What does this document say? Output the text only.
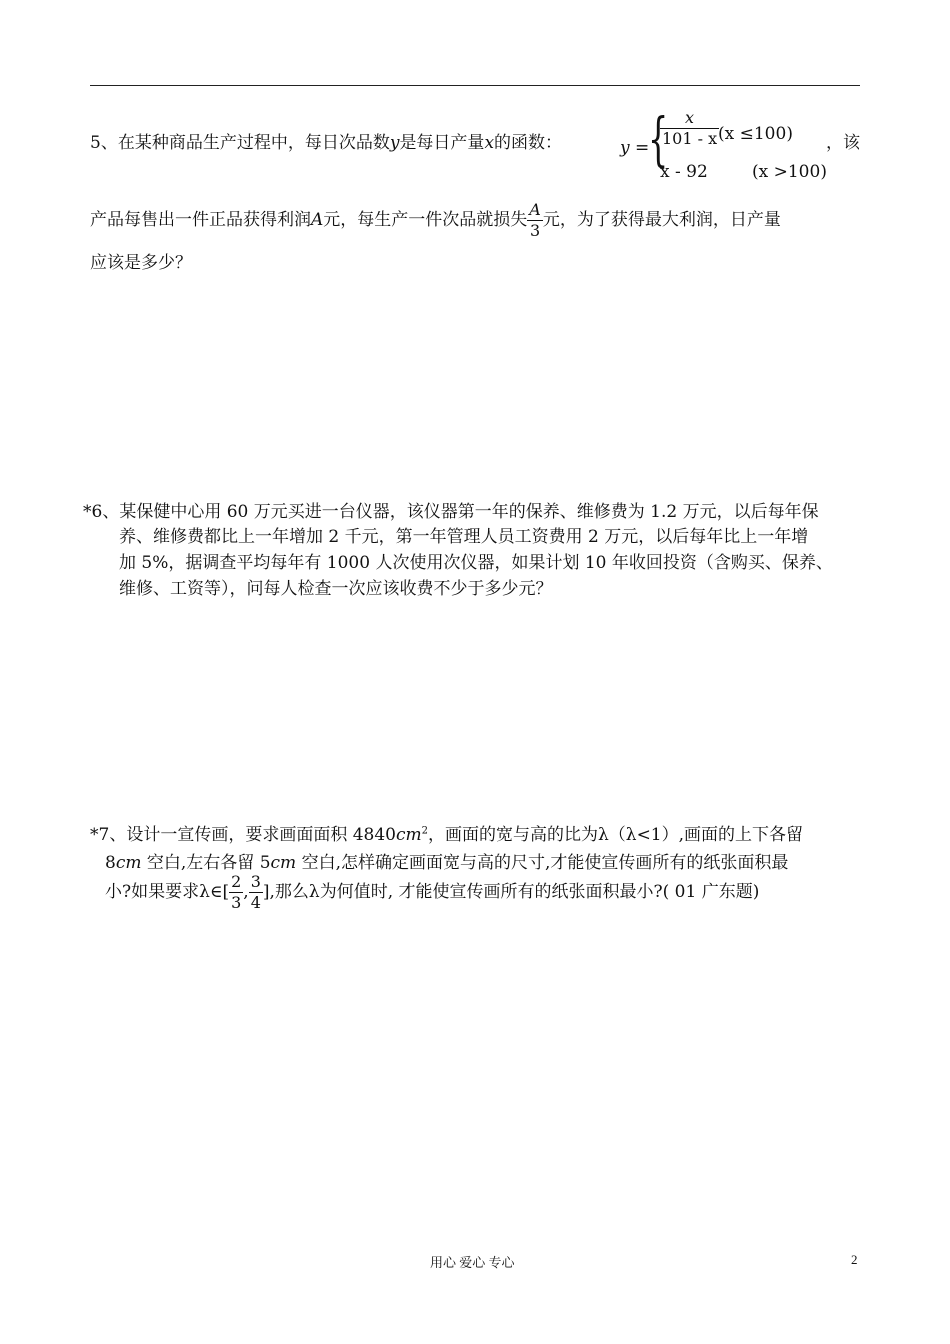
5、在某种商品生产过程中，每日次品数y是每日产量x的函数：	y =
{
$\frac{x}{101 - x}$
(x ≤100)
x - 92	(x >100)
，该
产品每售出一件正品获得利润A元，每生产一件次品就损失 $\frac{A}{3}$ 元，为了获得最大利润，日产量
应该是多少？
*6、某保健中心用 60 万元买进一台仪器，该仪器第一年的保养、维修费为 1.2 万元，以后每年保
养、维修费都比上一年增加 2 千元，第一年管理人员工资费用 2 万元，以后每年比上一年增
加 5%，据调查平均每年有 1000 人次使用次仪器，如果计划 10 年收回投资（含购买、保养、
维修、工资等），问每人检查一次应该收费不少于多少元？
*7、设计一宣传画，要求画面面积 $4840cm^2$，画面的宽与高的比为λ（λ<1）,画面的上下各留
8cm 空白,左右各留 5cm 空白,怎样确定画面宽与高的尺寸,才能使宣传画所有的纸张面积最
小?如果要求λ∈[ $\frac{2}{3}$ , $\frac{3}{4}$ ],那么λ为何值时, 才能使宣传画所有的纸张面积最小?( 01 广东题)
用心 爱心 专心	2
